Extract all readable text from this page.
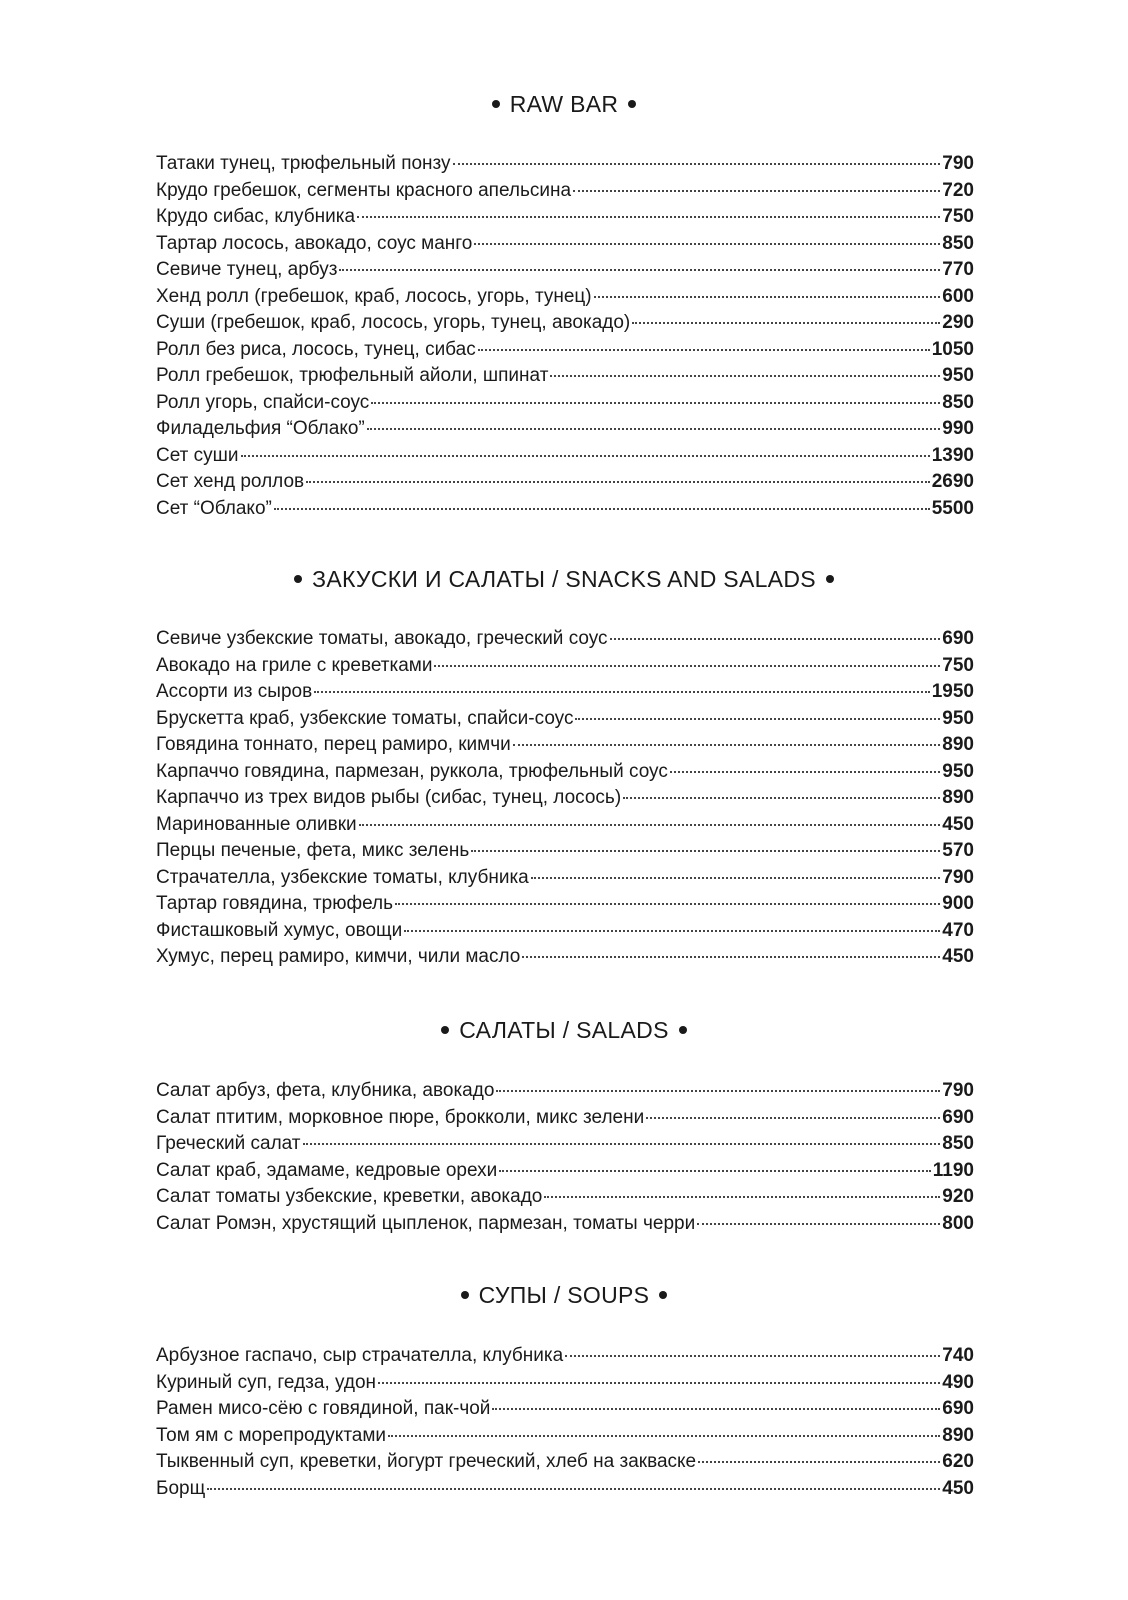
RAW BAR
Татаки тунец, трюфельный понзу	790
Крудо гребешок, сегменты красного апельсина	720
Крудо сибас, клубника	750
Тартар лосось, авокадо, соус манго	850
Севиче тунец, арбуз	770
Хенд ролл (гребешок, краб, лосось, угорь, тунец)	600
Суши (гребешок, краб, лосось, угорь, тунец, авокадо)	290
Ролл без риса, лосось, тунец, сибас	1050
Ролл гребешок, трюфельный айоли, шпинат	950
Ролл угорь, спайси-соус	850
Филадельфия “Облако”	990
Сет суши	1390
Сет хенд роллов	2690
Сет “Облако”	5500
ЗАКУСКИ И САЛАТЫ / SNACKS AND SALADS
Севиче узбекские томаты, авокадо, греческий соус	690
Авокадо на гриле с креветками	750
Ассорти из сыров	1950
Брускетта краб, узбекские томаты, спайси-соус	950
Говядина тоннато, перец рамиро, кимчи	890
Карпаччо говядина, пармезан, руккола, трюфельный соус	950
Карпаччо из трех видов рыбы (сибас, тунец, лосось)	890
Маринованные оливки	450
Перцы печеные, фета, микс зелень	570
Страчателла, узбекские томаты, клубника	790
Тартар говядина, трюфель	900
Фисташковый хумус, овощи	470
Хумус, перец рамиро, кимчи, чили масло	450
САЛАТЫ / SALADS
Салат арбуз, фета, клубника, авокадо	790
Салат птитим, морковное пюре, брокколи, микс зелени	690
Греческий салат	850
Салат краб, эдамаме, кедровые орехи	1190
Салат томаты узбекские, креветки, авокадо	920
Салат Ромэн, хрустящий цыпленок, пармезан, томаты черри	800
СУПЫ / SOUPS
Арбузное гаспачо, сыр страчателла, клубника	740
Куриный суп, гедза, удон	490
Рамен мисо-сёю с говядиной, пак-чой	690
Том ям с морепродуктами	890
Тыквенный суп, креветки, йогурт греческий, хлеб на закваске	620
Борщ	450
